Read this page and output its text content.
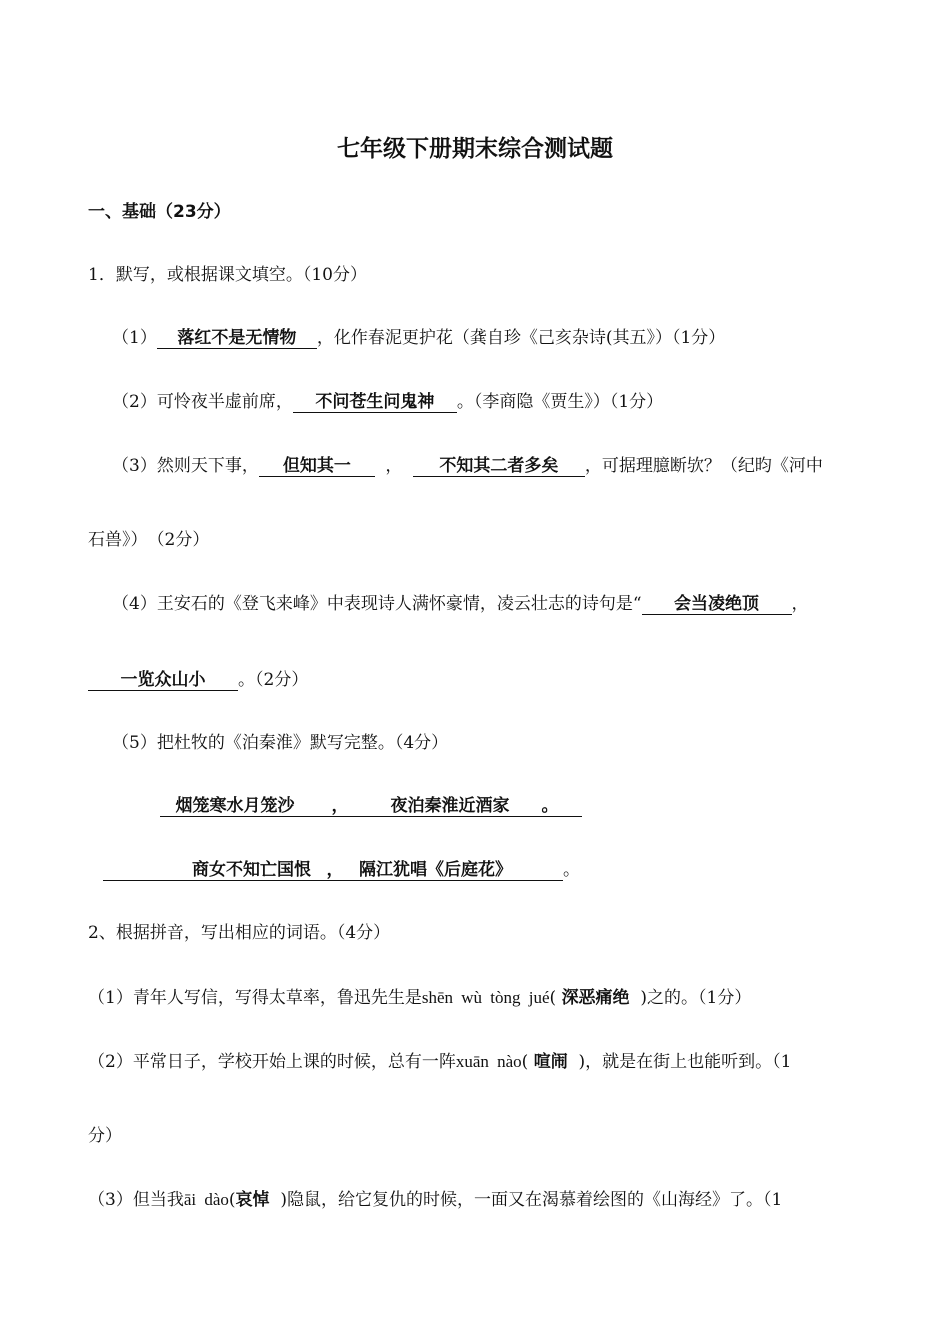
七年级下册期末综合测试题
一、基础（23分）
1．默写，或根据课文填空。（10分）
（1） 落红不是无情物 ，化作春泥更护花（龚自珍《己亥杂诗(其五》）（1分）
（2）可怜夜半虚前席， 不问苍生问鬼神 。（李商隐《贾生》）（1分）
（3）然则天下事， 但知其一 ， 不知其二者多矣 ，可据理臆断欤？（纪昀《河中
石兽》）　（2分）
（4）王安石的《登飞来峰》中表现诗人满怀豪情，凌云壮志的诗句是“ 会当凌绝顶 ，
一览众山小 。（2分）
（5）把杜牧的《泊秦淮》默写完整。（4分）
烟笼寒水月笼沙 ， 夜泊秦淮近酒家 。
商女不知亡国恨 ， 隔江犹唱《后庭花》	。
2、根据拼音，写出相应的词语。（4分）
（1）青年人写信，写得太草率，鲁迅先生是shēn wù tòng jué( 深恶痛绝 )之的。（1分）
（2）平常日子，学校开始上课的时候，总有一阵xuān nào( 喧闹 )，就是在街上也能听到。（1
分）
（3）但当我āi dào(哀悼 )隐鼠，给它复仇的时候，一面又在渴慕着绘图的《山海经》了。（1
